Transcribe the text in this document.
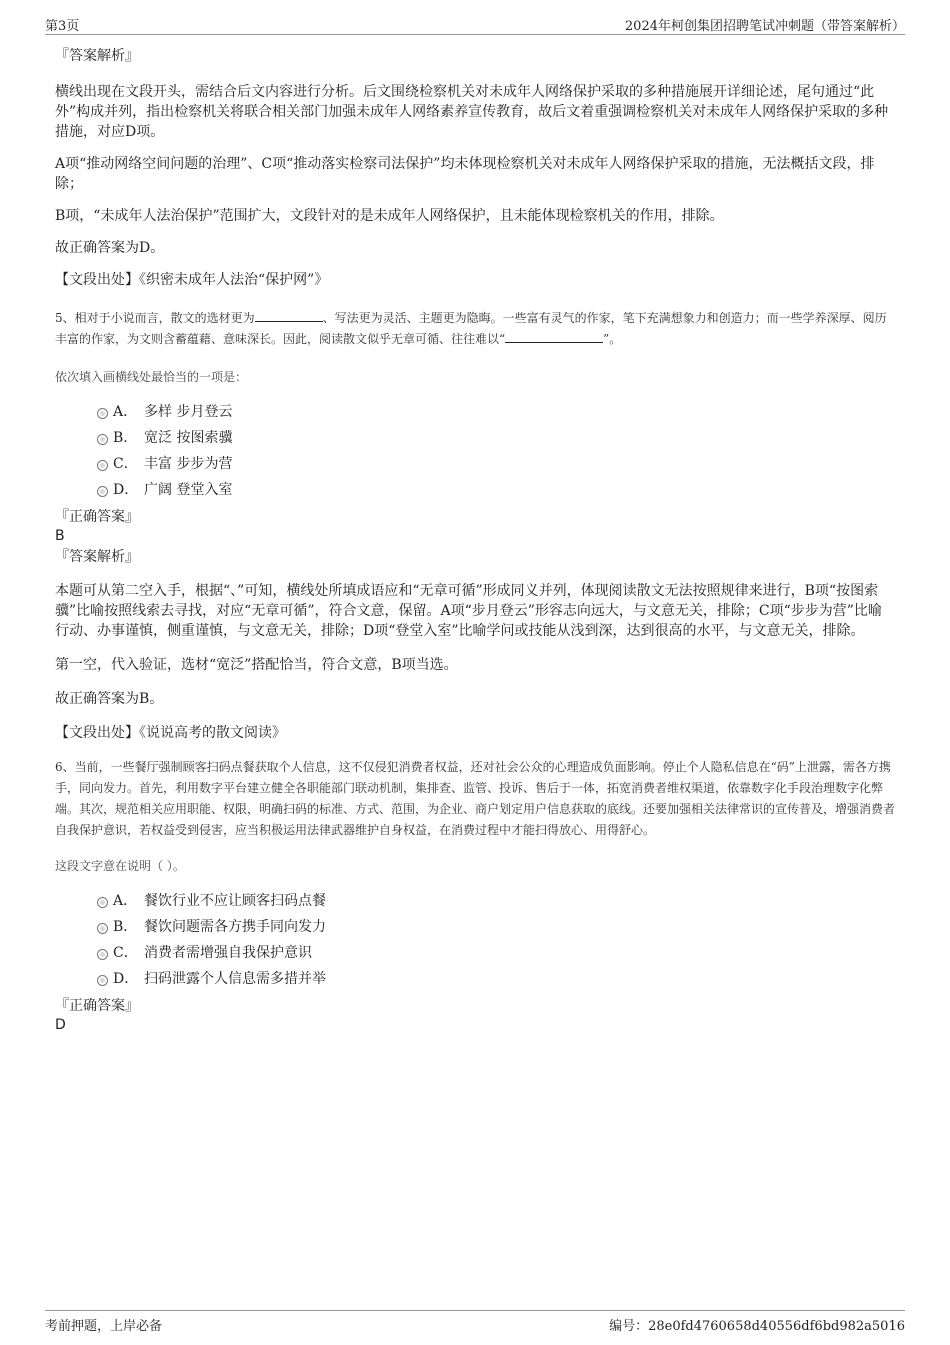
第3页	2024年柯创集团招聘笔试冲刺题（带答案解析）

『答案解析』

横线出现在文段开头，需结合后文内容进行分析。后文围绕检察机关对未成年人网络保护采取的多种措施展开详细论述，尾句通过“此外”构成并列，指出检察机关将联合相关部门加强未成年人网络素养宣传教育，故后文着重强调检察机关对未成年人网络保护采取的多种措施，对应D项。

A项“推动网络空间问题的治理”、C项“推动落实检察司法保护”均未体现检察机关对未成年人网络保护采取的措施，无法概括文段，排除；

B项，“未成年人法治保护”范围扩大，文段针对的是未成年人网络保护，且未能体现检察机关的作用，排除。

故正确答案为D。

【文段出处】《织密未成年人法治“保护网”》

5、相对于小说而言，散文的选材更为	、写法更为灵活、主题更为隐晦。一些富有灵气的作家，笔下充满想象力和创造力；而一些学养深厚、阅历丰富的作家，为文则含蓄蕴藉、意味深长。因此，阅读散文似乎无章可循、往往难以“	”。

依次填入画横线处最恰当的一项是：

A． 多样 步月登云
B． 宽泛 按图索骥
C． 丰富 步步为营
D． 广阔 登堂入室

『正确答案』

B

『答案解析』

本题可从第二空入手，根据“、”可知，横线处所填成语应和“无章可循”形成同义并列，体现阅读散文无法按照规律来进行，B项“按图索骥”比喻按照线索去寻找，对应“无章可循”，符合文意，保留。A项“步月登云”形容志向远大，与文意无关，排除；C项“步步为营”比喻行动、办事谨慎，侧重谨慎，与文意无关，排除；D项“登堂入室”比喻学问或技能从浅到深，达到很高的水平，与文意无关，排除。

第一空，代入验证，选材“宽泛”搭配恰当，符合文意，B项当选。

故正确答案为B。

【文段出处】《说说高考的散文阅读》

6、当前，一些餐厅强制顾客扫码点餐获取个人信息，这不仅侵犯消费者权益，还对社会公众的心理造成负面影响。停止个人隐私信息在“码”上泄露，需各方携手，同向发力。首先，利用数字平台建立健全各职能部门联动机制，集排查、监管、投诉、售后于一体，拓宽消费者维权渠道，依靠数字化手段治理数字化弊端。其次，规范相关应用职能、权限，明确扫码的标准、方式、范围，为企业、商户划定用户信息获取的底线。还要加强相关法律常识的宣传普及，增强消费者自我保护意识，若权益受到侵害，应当积极运用法律武器维护自身权益，在消费过程中才能扫得放心、用得舒心。

这段文字意在说明（ ）。

A． 餐饮行业不应让顾客扫码点餐
B． 餐饮问题需各方携手同向发力
C． 消费者需增强自我保护意识
D． 扫码泄露个人信息需多措并举

『正确答案』

D

考前押题，上岸必备	编号：28e0fd4760658d40556df6bd982a5016
